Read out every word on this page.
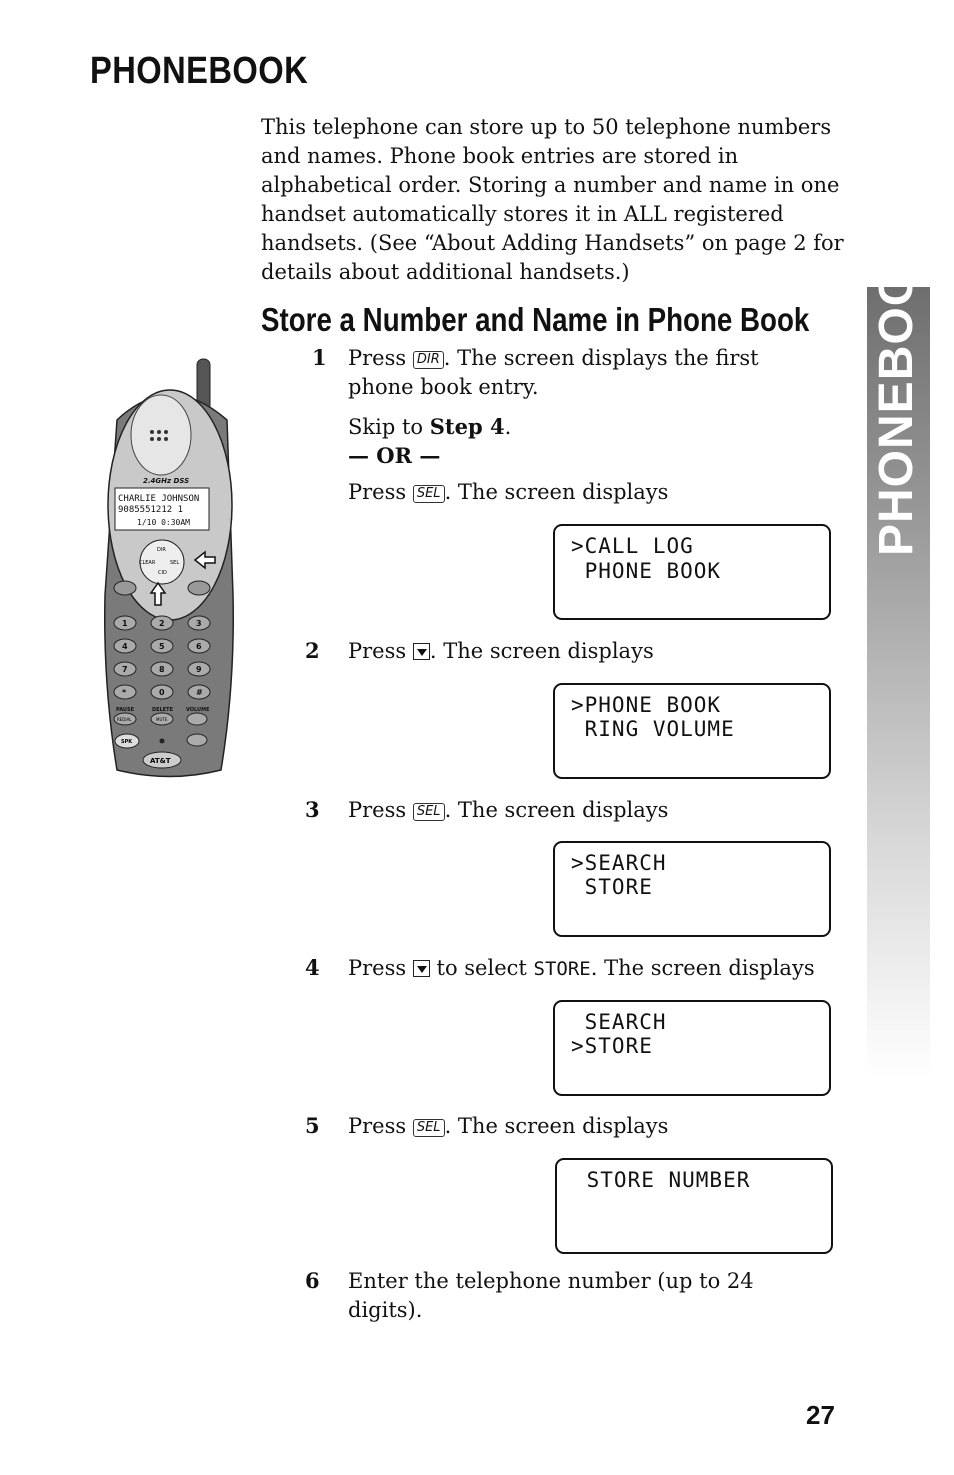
PHONEBOOK
This telephone can store up to 50 telephone numbers and names. Phone book entries are stored in alphabetical order. Storing a number and name in one handset automatically stores it in ALL registered handsets. (See “About Adding Handsets” on page 2 for details about additional handsets.)
Store a Number and Name in Phone Book PHONEBOOK
2.4GHz DSS
CHARLIE JOHNSON
9085551212 1
1/10 0:30AM
DIR
CLEAR	SEL
CID
1	2	3
4	5	6
7	8	9
*	0	#
PAUSE	DELETE	VOLUME
REDIAL	MUTE
SPK
AT&T
1 Press DIR . The screen displays the first phone book entry.
Skip to Step 4.
— OR —
Press SEL . The screen displays
>CALL LOG
PHONE BOOK
2 Press . The screen displays
>PHONE BOOK
RING VOLUME
3 Press SEL . The screen displays
>SEARCH
STORE
4 Press  to select STORE. The screen displays
SEARCH
>STORE
5 Press SEL . The screen displays
STORE NUMBER
6 Enter the telephone number (up to 24 digits).
27
